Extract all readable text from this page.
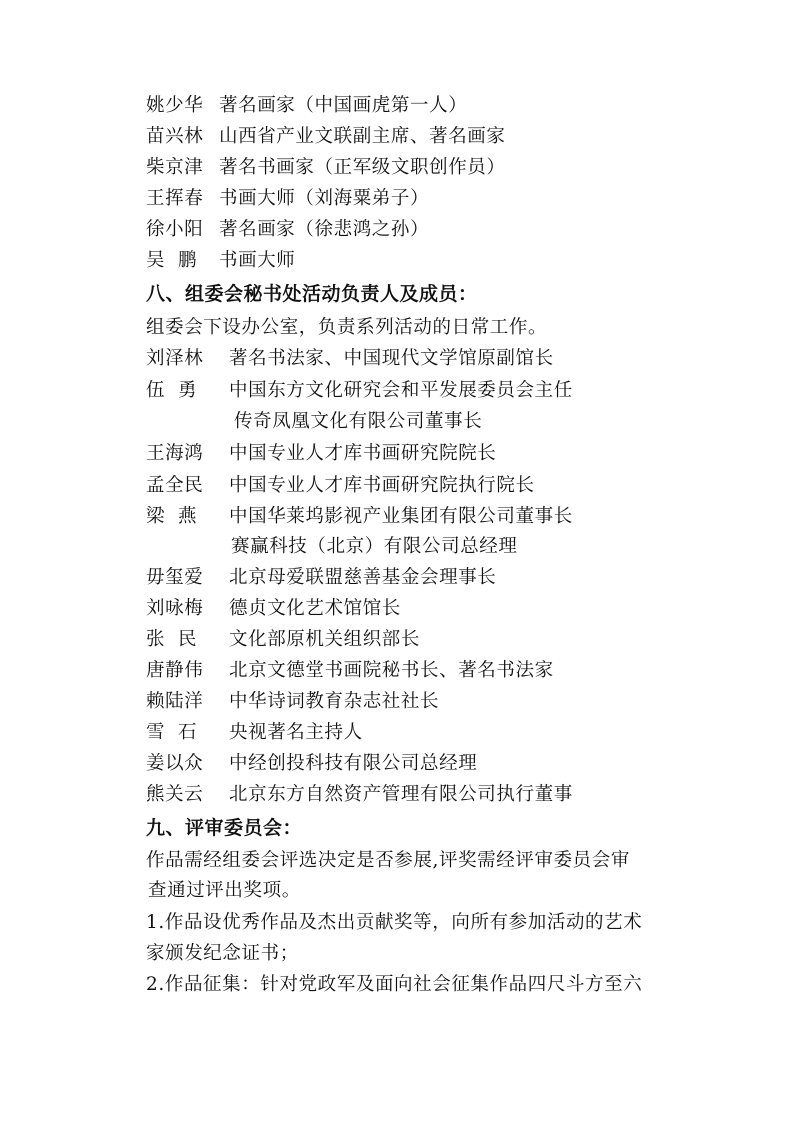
姚少华 著名画家（中国画虎第一人）
苗兴林 山西省产业文联副主席、著名画家
柴京津 著名书画家（正军级文职创作员）
王挥春 书画大师（刘海粟弟子）
徐小阳 著名画家（徐悲鸿之孙）
吴  鹏 书画大师
八、组委会秘书处活动负责人及成员：
组委会下设办公室，负责系列活动的日常工作。
刘泽林 著名书法家、中国现代文学馆原副馆长
伍  勇 中国东方文化研究会和平发展委员会主任
传奇凤凰文化有限公司董事长
王海鸿 中国专业人才库书画研究院院长
孟全民 中国专业人才库书画研究院执行院长
梁  燕 中国华莱坞影视产业集团有限公司董事长
赛赢科技（北京）有限公司总经理
毋玺爱 北京母爱联盟慈善基金会理事长
刘咏梅 德贞文化艺术馆馆长
张  民 文化部原机关组织部长
唐静伟 北京文德堂书画院秘书长、著名书法家
赖陆洋 中华诗词教育杂志社社长
雪  石 央视著名主持人
姜以众 中经创投科技有限公司总经理
熊关云 北京东方自然资产管理有限公司执行董事
九、评审委员会：
作品需经组委会评选决定是否参展,评奖需经评审委员会审
查通过评出奖项。
1.作品设优秀作品及杰出贡献奖等，向所有参加活动的艺术
家颁发纪念证书；
2.作品征集：针对党政军及面向社会征集作品四尺斗方至六
